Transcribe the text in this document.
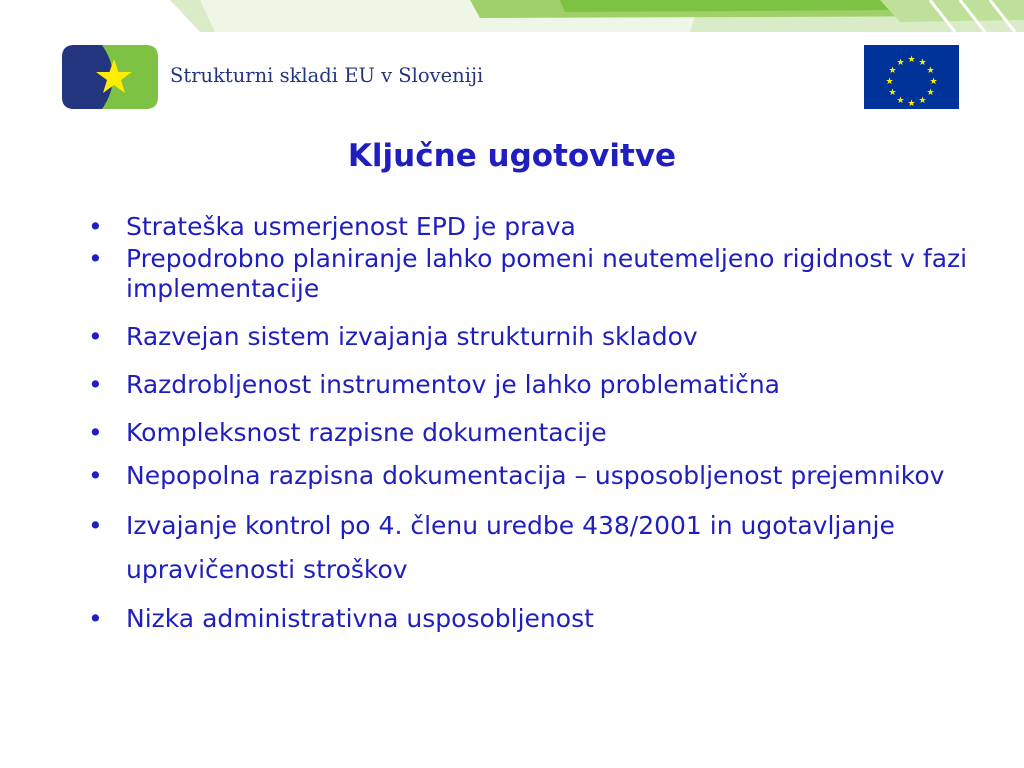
Strukturni skladi EU v Sloveniji
★ ★
★
★
★
★
★
★
★
★
★
★
Ključne ugotovitve
• Strateška usmerjenost EPD je prava
• Prepodrobno planiranje lahko pomeni neutemeljeno rigidnost v fazi implementacije
• Razvejan sistem izvajanja strukturnih skladov
• Razdrobljenost instrumentov je lahko problematična
• Kompleksnost razpisne dokumentacije
• Nepopolna razpisna dokumentacija – usposobljenost prejemnikov
• Izvajanje kontrol po 4. členu uredbe 438/2001 in ugotavljanje upravičenosti stroškov
• Nizka administrativna usposobljenost
